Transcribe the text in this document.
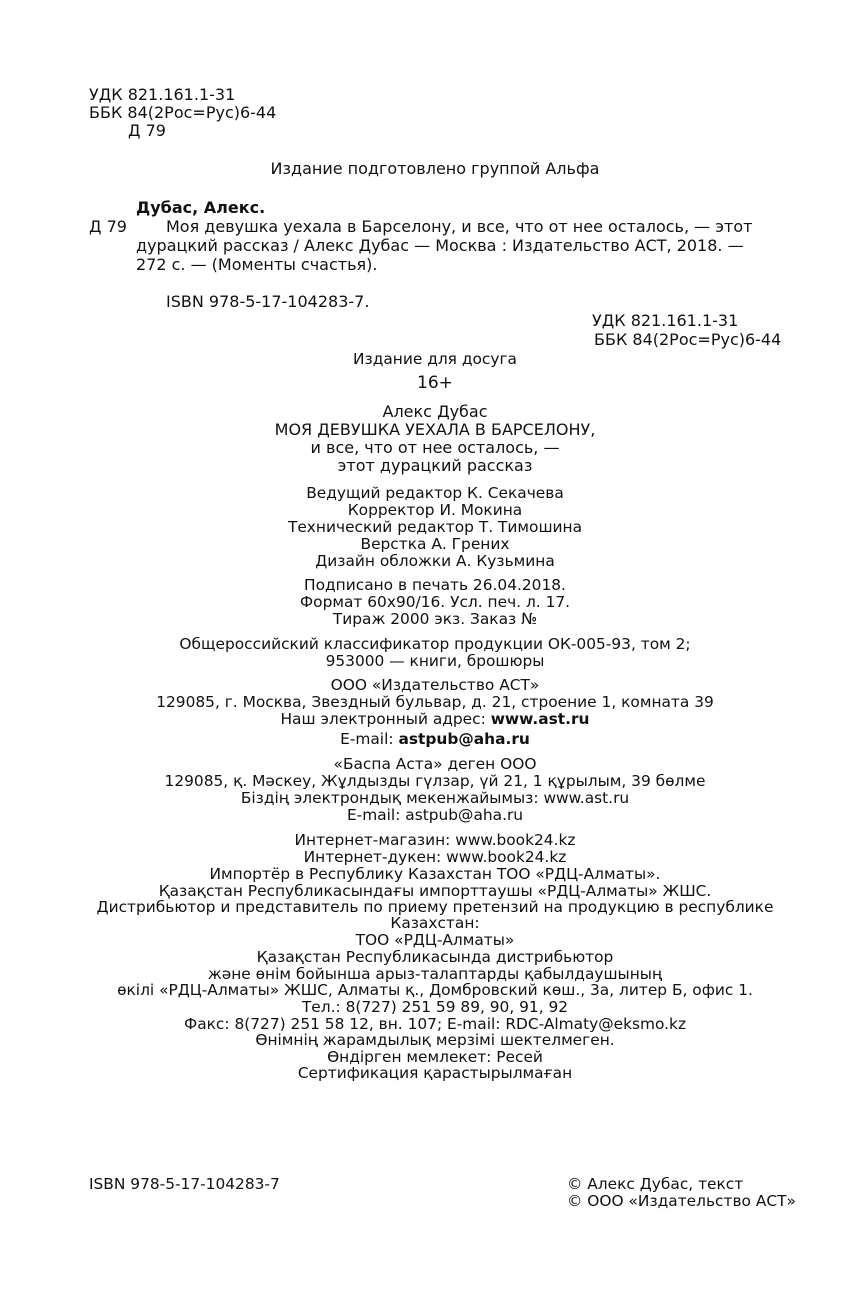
УДК 821.161.1-31
ББК 84(2Рос=Рус)6-44
Д 79
Издание подготовлено группой Альфа
Дубас, Алекс.
Д 79 Моя девушка уехала в Барселону, и все, что от нее осталось, — этот
дурацкий рассказ / Алекс Дубас — Москва : Издательство АСТ, 2018. —
272 с. — (Моменты счастья).
ISBN 978-5-17-104283-7.
УДК 821.161.1-31
ББК 84(2Рос=Рус)6-44
Издание для досуга
16+
Алекс Дубас
МОЯ ДЕВУШКА УЕХАЛА В БАРСЕЛОНУ,
и все, что от нее осталось, —
этот дурацкий рассказ
Ведущий редактор К. Секачева
Корректор И. Мокина
Технический редактор Т. Тимошина
Верстка А. Грених
Дизайн обложки А. Кузьмина
Подписано в печать 26.04.2018.
Формат 60x90/16. Усл. печ. л. 17.
Тираж 2000 экз. Заказ №
Общероссийский классификатор продукции ОК-005-93, том 2;
953000 — книги, брошюры
ООО «Издательство АСТ»
129085, г. Москва, Звездный бульвар, д. 21, строение 1, комната 39
Наш электронный адрес: www.ast.ru
E-mail: astpub@aha.ru
«Баспа Аста» деген ООО
129085, қ. Мәскеу, Жұлдызды гүлзар, үй 21, 1 құрылым, 39 бөлме
Біздің электрондық мекенжайымыз: www.ast.ru
E-mail: astpub@aha.ru
Интернет-магазин: www.book24.kz
Интернет-дукен: www.book24.kz
Импортёр в Республику Казахстан ТОО «РДЦ-Алматы».
Қазақстан Республикасындағы импорттаушы «РДЦ-Алматы» ЖШС.
Дистрибьютор и представитель по приему претензий на продукцию в республике
Казахстан:
ТОО «РДЦ-Алматы»
Қазақстан Республикасында дистрибьютор
және өнім бойынша арыз-талаптарды қабылдаушының
өкілі «РДЦ-Алматы» ЖШС, Алматы қ., Домбровский көш., 3а, литер Б, офис 1.
Тел.: 8(727) 251 59 89, 90, 91, 92
Факс: 8(727) 251 58 12, вн. 107; E-mail: RDC-Almaty@eksmo.kz
Өнімнің жарамдылық мерзімі шектелмеген.
Өндірген мемлекет: Ресей
Сертификация қарастырылмаған
ISBN 978-5-17-104283-7	© Алекс Дубас, текст
© ООО «Издательство АСТ»
